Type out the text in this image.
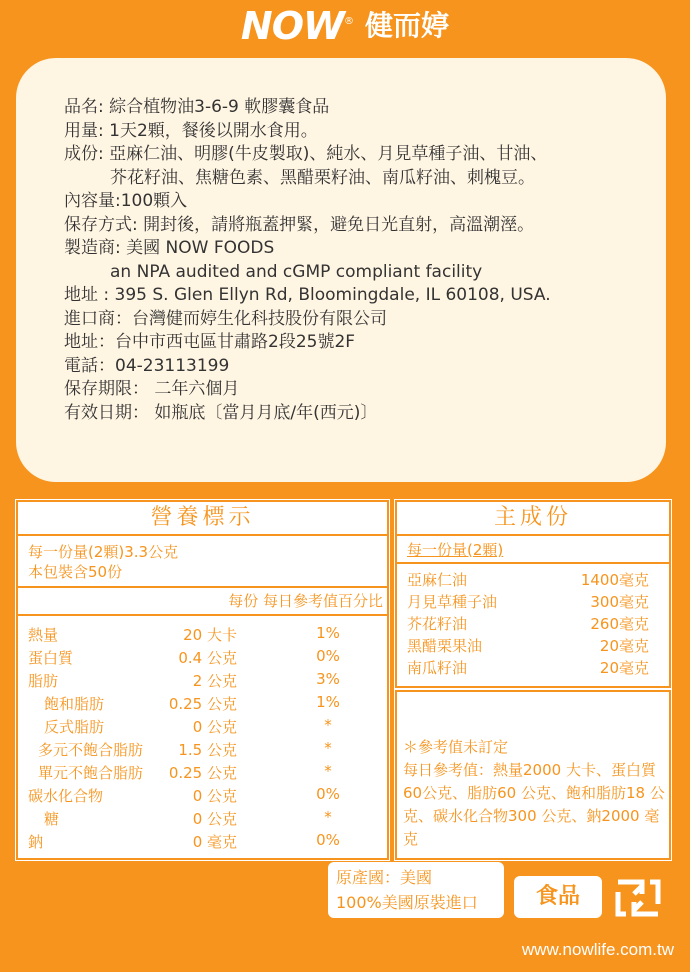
NOW® 健而婷
品名: 綜合植物油3-6-9 軟膠囊食品
用量: 1天2顆，餐後以開水食用。
成份: 亞麻仁油、明膠(牛皮製取)、純水、月見草種子油、甘油、
芥花籽油、焦糖色素、黑醋栗籽油、南瓜籽油、刺槐豆。
內容量:100顆入
保存方式: 開封後，請將瓶蓋押緊，避免日光直射，高溫潮溼。
製造商: 美國 NOW FOODS
an NPA audited and cGMP compliant facility
地址 : 395 S. Glen Ellyn Rd, Bloomingdale, IL 60108, USA.
進口商：台灣健而婷生化科技股份有限公司
地址：台中市西屯區甘肅路2段25號2F
電話：04-23113199
保存期限： 二年六個月
有效日期： 如瓶底〔當月月底/年(西元)〕
營養標示
每一份量(2顆)3.3公克
本包裝含50份
每份 每日參考值百分比
熱量	20 大卡	1%
蛋白質	0.4 公克	0%
脂肪	2 公克	3%
飽和脂肪	0.25 公克	1%
反式脂肪	0 公克	*
多元不飽合脂肪 1.5 公克	*
單元不飽合脂肪 0.25 公克	*
碳水化合物	0 公克	0%
糖	0 公克	*
鈉	0 毫克	0%
主成份
每一份量(2顆)
亞麻仁油	1400毫克
月見草種子油	300毫克
芥花籽油	260毫克
黑醋栗果油	20毫克
南瓜籽油	20毫克
＊參考值未訂定
每日參考值：熱量2000 大卡、蛋白質60公克、脂肪60 公克、飽和脂肪18 公克、碳水化合物300 公克、鈉2000 毫克
原產國：美國
100%美國原裝進口	食品
www.nowlife.com.tw
